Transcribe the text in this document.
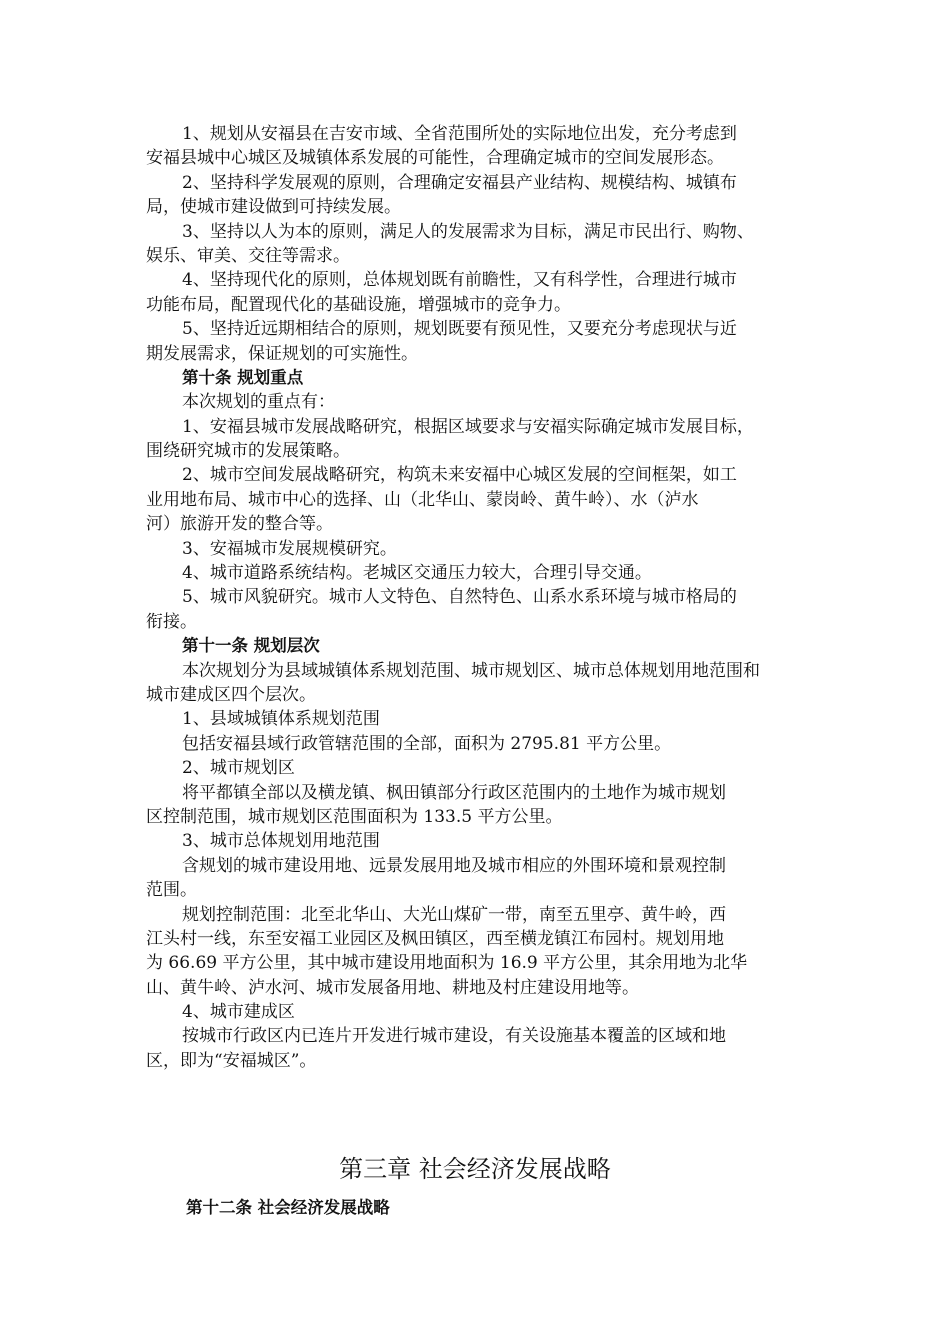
1、规划从安福县在吉安市域、全省范围所处的实际地位出发，充分考虑到
安福县城中心城区及城镇体系发展的可能性，合理确定城市的空间发展形态。
2、坚持科学发展观的原则，合理确定安福县产业结构、规模结构、城镇布
局，使城市建设做到可持续发展。
3、坚持以人为本的原则，满足人的发展需求为目标，满足市民出行、购物、
娱乐、审美、交往等需求。
4、坚持现代化的原则，总体规划既有前瞻性，又有科学性，合理进行城市
功能布局，配置现代化的基础设施，增强城市的竞争力。
5、坚持近远期相结合的原则，规划既要有预见性，又要充分考虑现状与近
期发展需求，保证规划的可实施性。
第十条 规划重点
本次规划的重点有：
1、安福县城市发展战略研究，根据区域要求与安福实际确定城市发展目标，
围绕研究城市的发展策略。
2、城市空间发展战略研究，构筑未来安福中心城区发展的空间框架，如工
业用地布局、城市中心的选择、山（北华山、蒙岗岭、黄牛岭）、水（泸水
河）旅游开发的整合等。
3、安福城市发展规模研究。
4、城市道路系统结构。老城区交通压力较大，合理引导交通。
5、城市风貌研究。城市人文特色、自然特色、山系水系环境与城市格局的
衔接。
第十一条 规划层次
本次规划分为县域城镇体系规划范围、城市规划区、城市总体规划用地范围和
城市建成区四个层次。
1、县域城镇体系规划范围
包括安福县域行政管辖范围的全部，面积为 2795.81 平方公里。
2、城市规划区
将平都镇全部以及横龙镇、枫田镇部分行政区范围内的土地作为城市规划
区控制范围，城市规划区范围面积为 133.5 平方公里。
3、城市总体规划用地范围
含规划的城市建设用地、远景发展用地及城市相应的外围环境和景观控制
范围。
规划控制范围：北至北华山、大光山煤矿一带，南至五里亭、黄牛岭，西
江头村一线，东至安福工业园区及枫田镇区，西至横龙镇江布园村。规划用地
为 66.69 平方公里，其中城市建设用地面积为 16.9 平方公里，其余用地为北华
山、黄牛岭、泸水河、城市发展备用地、耕地及村庄建设用地等。
4、城市建成区
按城市行政区内已连片开发进行城市建设，有关设施基本覆盖的区域和地
区，即为“安福城区”。
第三章 社会经济发展战略
第十二条 社会经济发展战略
